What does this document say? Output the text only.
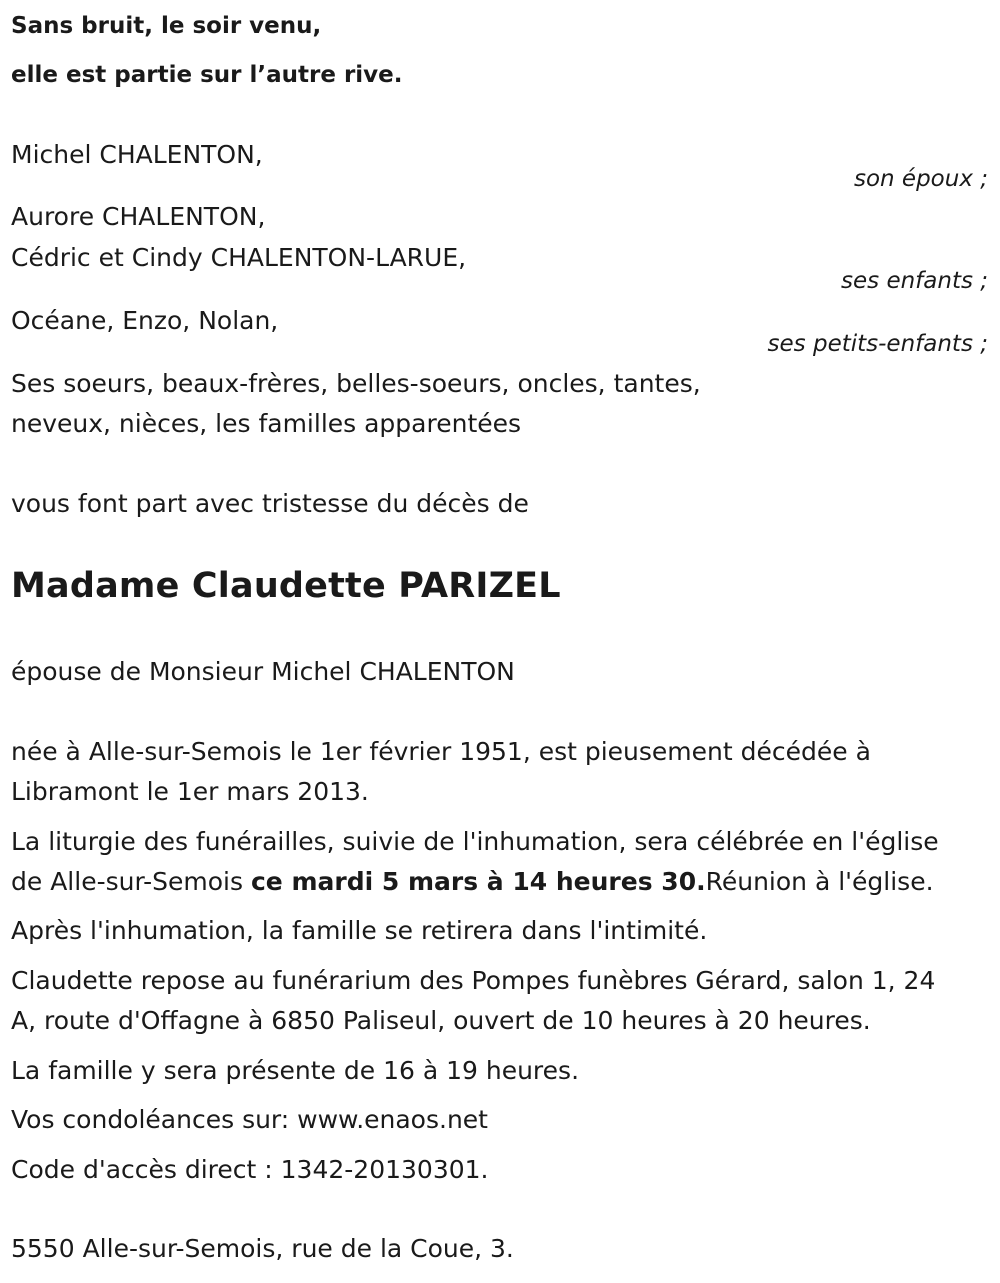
Sans bruit, le soir venu,
elle est partie sur l’autre rive.
Michel CHALENTON,
son époux ;
Aurore CHALENTON,
Cédric et Cindy CHALENTON-LARUE,
ses enfants ;
Océane, Enzo, Nolan,
ses petits-enfants ;
Ses soeurs, beaux-frères, belles-soeurs, oncles, tantes,
neveux, nièces, les familles apparentées
vous font part avec tristesse du décès de
Madame Claudette PARIZEL
épouse de Monsieur Michel CHALENTON
née à Alle-sur-Semois le 1er février 1951, est pieusement décédée à
Libramont le 1er mars 2013.
La liturgie des funérailles, suivie de l'inhumation, sera célébrée en l'église
de Alle-sur-Semois ce mardi 5 mars à 14 heures 30.Réunion à l'église.
Après l'inhumation, la famille se retirera dans l'intimité.
Claudette repose au funérarium des Pompes funèbres Gérard, salon 1, 24
A, route d'Offagne à 6850 Paliseul, ouvert de 10 heures à 20 heures.
La famille y sera présente de 16 à 19 heures.
Vos condoléances sur: www.enaos.net
Code d'accès direct : 1342-20130301.
5550 Alle-sur-Semois, rue de la Coue, 3.
